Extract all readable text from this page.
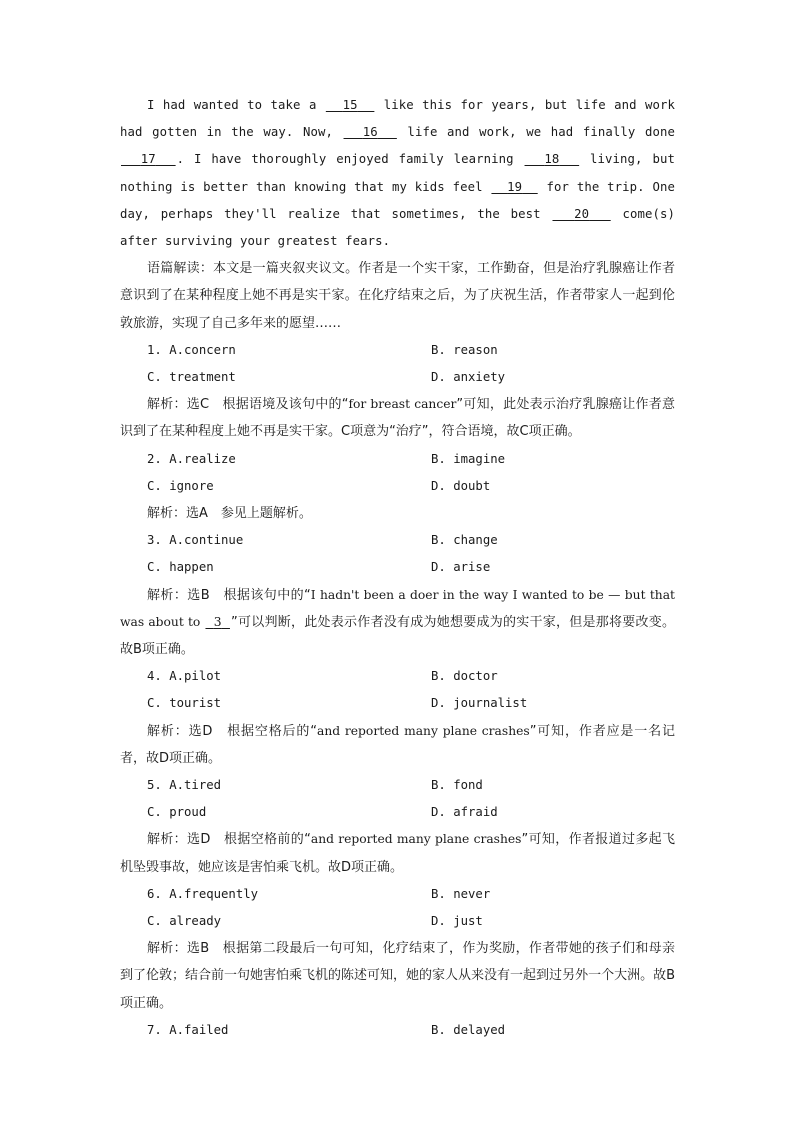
I had wanted to take a   15   like this for years, but life and work had gotten in the way. Now,   16   life and work, we had finally done   17 . I have thoroughly enjoyed family learning   18   living, but nothing is better than knowing that my kids feel   19   for the trip. One day, perhaps they'll realize that sometimes, the best   20   come(s) after surviving your greatest fears.

语篇解读：本文是一篇夹叙夹议文。作者是一个实干家，工作勤奋，但是治疗乳腺癌让作者意识到了在某种程度上她不再是实干家。在化疗结束之后，为了庆祝生活，作者带家人一起到伦敦旅游，实现了自己多年来的愿望……

1. A.concern	B. reason
C. treatment	D. anxiety

解析：选C　根据语境及该句中的“for breast cancer”可知，此处表示治疗乳腺癌让作者意识到了在某种程度上她不再是实干家。C项意为“治疗”，符合语境，故C项正确。

2. A.realize	B. imagine
C. ignore	D. doubt

解析：选A　参见上题解析。

3. A.continue	B. change
C. happen	D. arise

解析：选B　根据该句中的“I hadn't been a doer in the way I wanted to be — but that was about to   3 ”可以判断，此处表示作者没有成为她想要成为的实干家，但是那将要改变。故B项正确。

4. A.pilot	B. doctor
C. tourist	D. journalist

解析：选D　根据空格后的“and reported many plane crashes”可知，作者应是一名记者，故D项正确。

5. A.tired	B. fond
C. proud	D. afraid

解析：选D　根据空格前的“and reported many plane crashes”可知，作者报道过多起飞机坠毁事故，她应该是害怕乘飞机。故D项正确。

6. A.frequently	B. never
C. already	D. just

解析：选B　根据第二段最后一句可知，化疗结束了，作为奖励，作者带她的孩子们和母亲到了伦敦；结合前一句她害怕乘飞机的陈述可知，她的家人从来没有一起到过另外一个大洲。故B项正确。

7. A.failed	B. delayed
